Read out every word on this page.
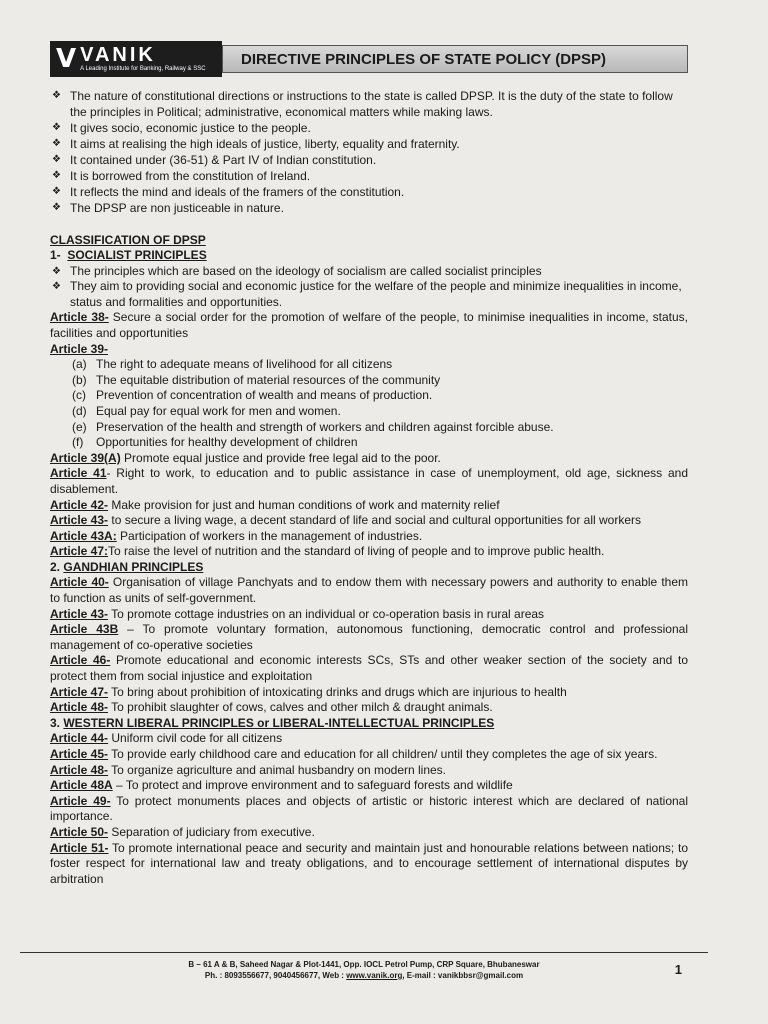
V VANIK
A Leading Institute for Banking, Railway & SSC
DIRECTIVE PRINCIPLES OF STATE POLICY (DPSP)
❖ The nature of constitutional directions or instructions to the state is called DPSP. It is the duty of the state to follow the principles in Political; administrative, economical matters while making laws.
❖ It gives socio, economic justice to the people.
❖ It aims at realising the high ideals of justice, liberty, equality and fraternity.
❖ It contained under (36-51) & Part IV of Indian constitution.
❖ It is borrowed from the constitution of Ireland.
❖ It reflects the mind and ideals of the framers of the constitution.
❖ The DPSP are non justiceable in nature.
CLASSIFICATION OF DPSP
1- SOCIALIST PRINCIPLES
❖ The principles which are based on the ideology of socialism are called socialist principles
❖ They aim to providing social and economic justice for the welfare of the people and minimize inequalities in income, status and formalities and opportunities.
Article 38- Secure a social order for the promotion of welfare of the people, to minimise inequalities in income, status, facilities and opportunities
Article 39-
(a) The right to adequate means of livelihood for all citizens
(b) The equitable distribution of material resources of the community
(c) Prevention of concentration of wealth and means of production.
(d) Equal pay for equal work for men and women.
(e) Preservation of the health and strength of workers and children against forcible abuse.
(f)	Opportunities for healthy development of children
Article 39(A) Promote equal justice and provide free legal aid to the poor.
Article 41- Right to work, to education and to public assistance in case of unemployment, old age, sickness and disablement.
Article 42- Make provision for just and human conditions of work and maternity relief
Article 43- to secure a living wage, a decent standard of life and social and cultural opportunities for all workers
Article 43A: Participation of workers in the management of industries.
Article 47:To raise the level of nutrition and the standard of living of people and to improve public health.
2. GANDHIAN PRINCIPLES
Article 40- Organisation of village Panchyats and to endow them with necessary powers and authority to enable them to function as units of self-government.
Article 43- To promote cottage industries on an individual or co-operation basis in rural areas
Article 43B – To promote voluntary formation, autonomous functioning, democratic control and professional management of co-operative societies
Article 46- Promote educational and economic interests SCs, STs and other weaker section of the society and to protect them from social injustice and exploitation
Article 47- To bring about prohibition of intoxicating drinks and drugs which are injurious to health
Article 48- To prohibit slaughter of cows, calves and other milch & draught animals.
3. WESTERN LIBERAL PRINCIPLES or LIBERAL-INTELLECTUAL PRINCIPLES
Article 44- Uniform civil code for all citizens
Article 45- To provide early childhood care and education for all children/ until they completes the age of six years.
Article 48- To organize agriculture and animal husbandry on modern lines.
Article 48A – To protect and improve environment and to safeguard forests and wildlife
Article 49- To protect monuments places and objects of artistic or historic interest which are declared of national importance.
Article 50- Separation of judiciary from executive.
Article 51- To promote international peace and security and maintain just and honourable relations between nations; to foster respect for international law and treaty obligations, and to encourage settlement of international disputes by arbitration
B – 61 A & B, Saheed Nagar & Plot-1441, Opp. IOCL Petrol Pump, CRP Square, Bhubaneswar
Ph. : 8093556677, 9040456677, Web : www.vanik.org, E-mail : vanikbbsr@gmail.com	1
